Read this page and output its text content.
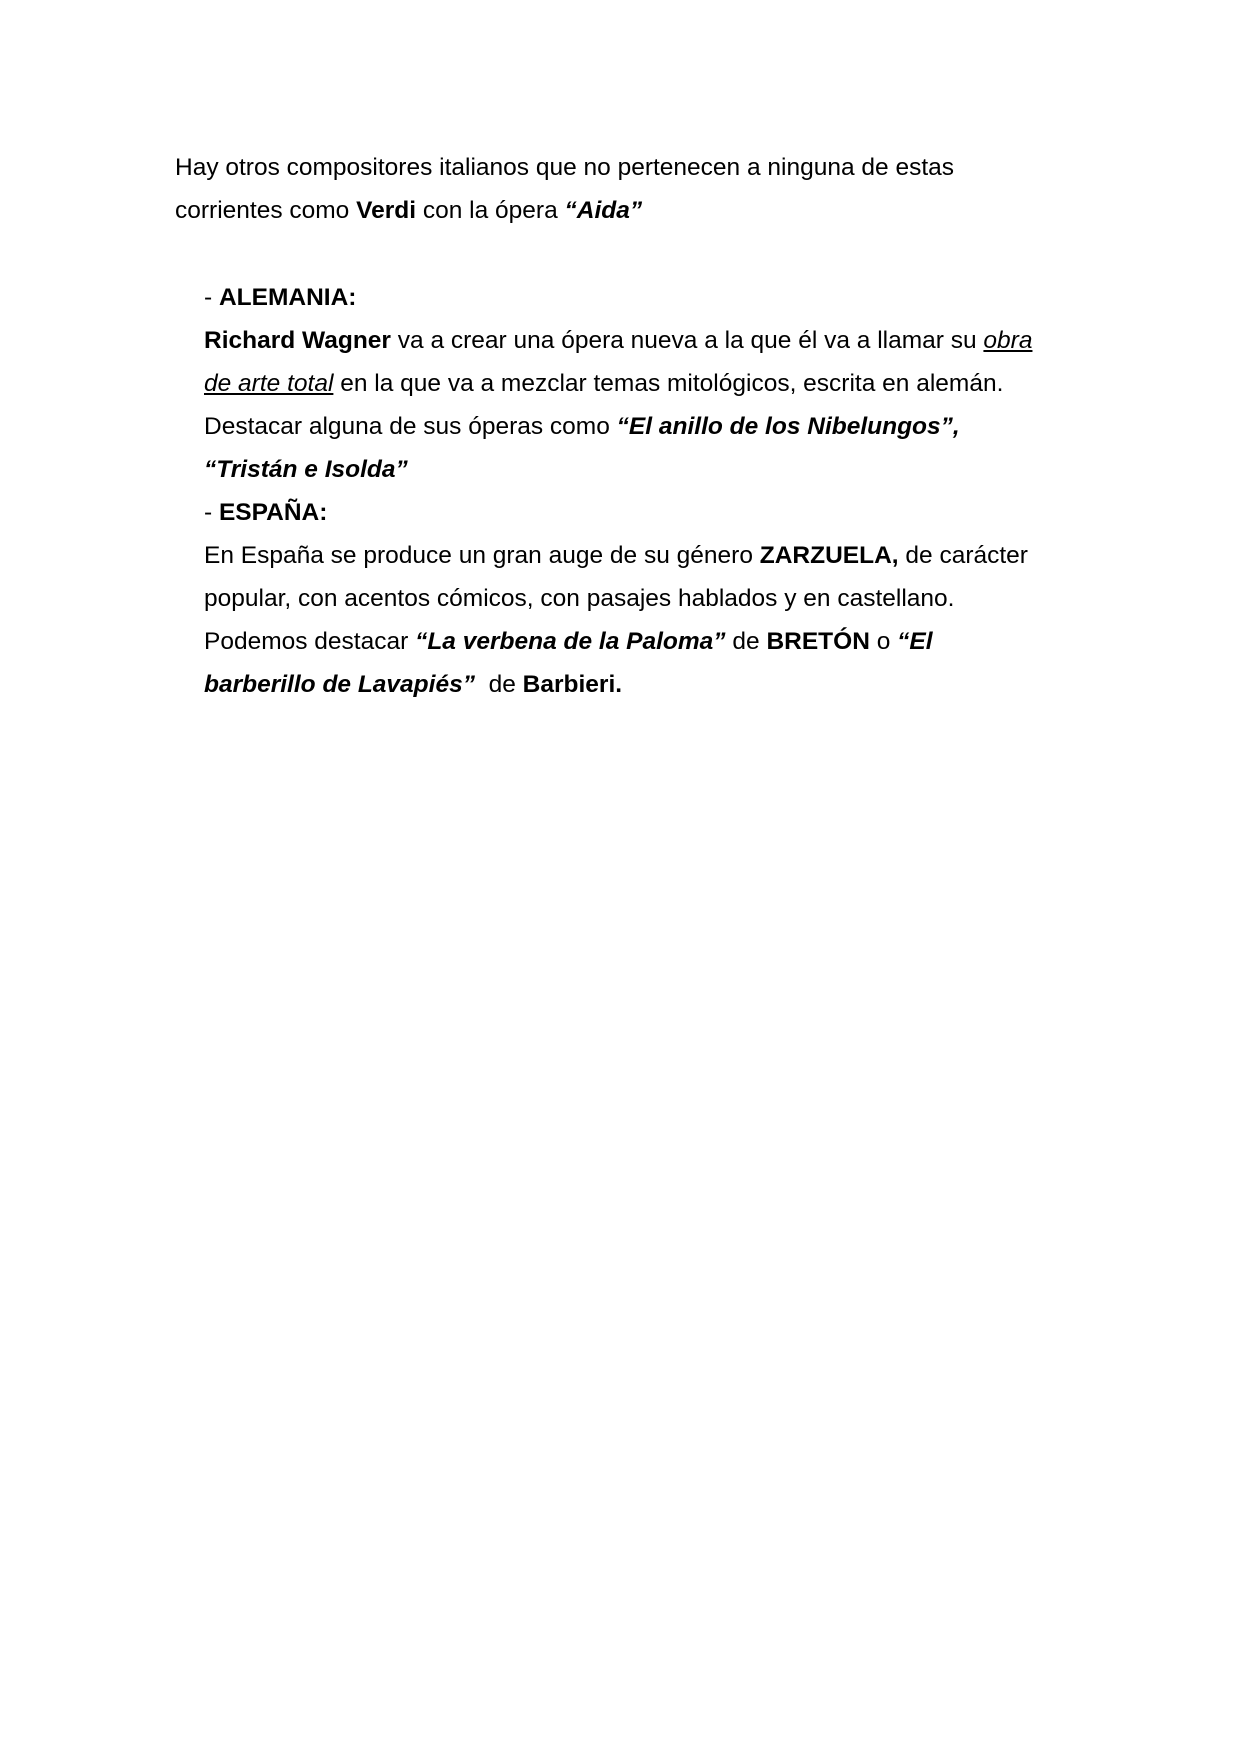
Hay otros compositores italianos que no pertenecen a ninguna de estas
corrientes como Verdi con la ópera “Aida”
- ALEMANIA:
Richard Wagner va a crear una ópera nueva a la que él va a llamar su obra
de arte total en la que va a mezclar temas mitológicos, escrita en alemán.
Destacar alguna de sus óperas como “El anillo de los Nibelungos”,
“Tristán e Isolda”
- ESPAÑA:
En España se produce un gran auge de su género ZARZUELA, de carácter
popular, con acentos cómicos, con pasajes hablados y en castellano.
Podemos destacar “La verbena de la Paloma” de BRETÓN o “El
barberillo de Lavapiés”  de Barbieri.
